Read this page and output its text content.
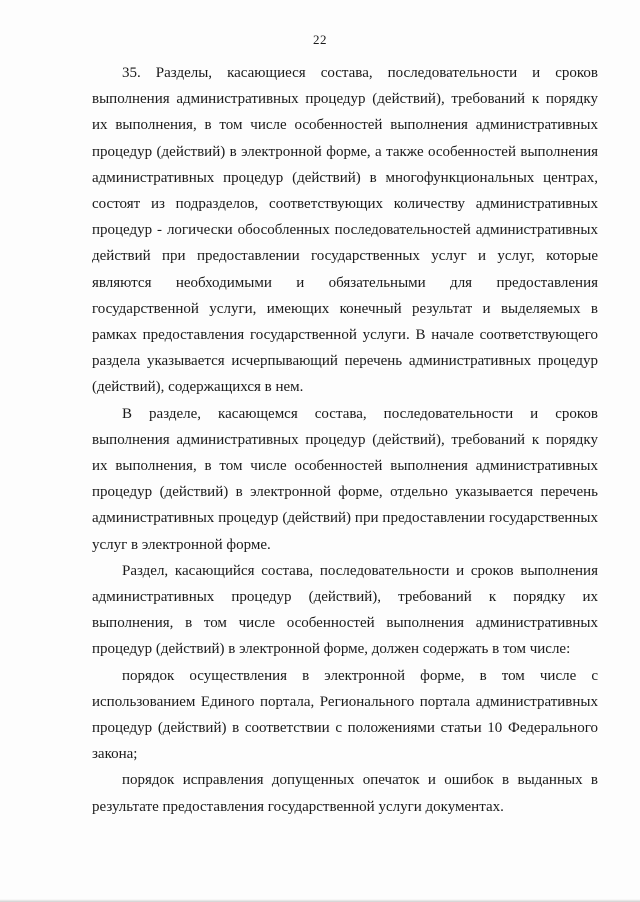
22

35. Разделы, касающиеся состава, последовательности и сроков выполнения административных процедур (действий), требований к порядку их выполнения, в том числе особенностей выполнения административных процедур (действий) в электронной форме, а также особенностей выполнения административных процедур (действий) в многофункциональных центрах, состоят из подразделов, соответствующих количеству административных процедур - логически обособленных последовательностей административных действий при предоставлении государственных услуг и услуг, которые являются необходимыми и обязательными для предоставления государственной услуги, имеющих конечный результат и выделяемых в рамках предоставления государственной услуги. В начале соответствующего раздела указывается исчерпывающий перечень административных процедур (действий), содержащихся в нем.

В разделе, касающемся состава, последовательности и сроков выполнения административных процедур (действий), требований к порядку их выполнения, в том числе особенностей выполнения административных процедур (действий) в электронной форме, отдельно указывается перечень административных процедур (действий) при предоставлении государственных услуг в электронной форме.

Раздел, касающийся состава, последовательности и сроков выполнения административных процедур (действий), требований к порядку их выполнения, в том числе особенностей выполнения административных процедур (действий) в электронной форме, должен содержать в том числе:

порядок осуществления в электронной форме, в том числе с использованием Единого портала, Регионального портала административных процедур (действий) в соответствии с положениями статьи 10 Федерального закона;

порядок исправления допущенных опечаток и ошибок в выданных в результате предоставления государственной услуги документах.
